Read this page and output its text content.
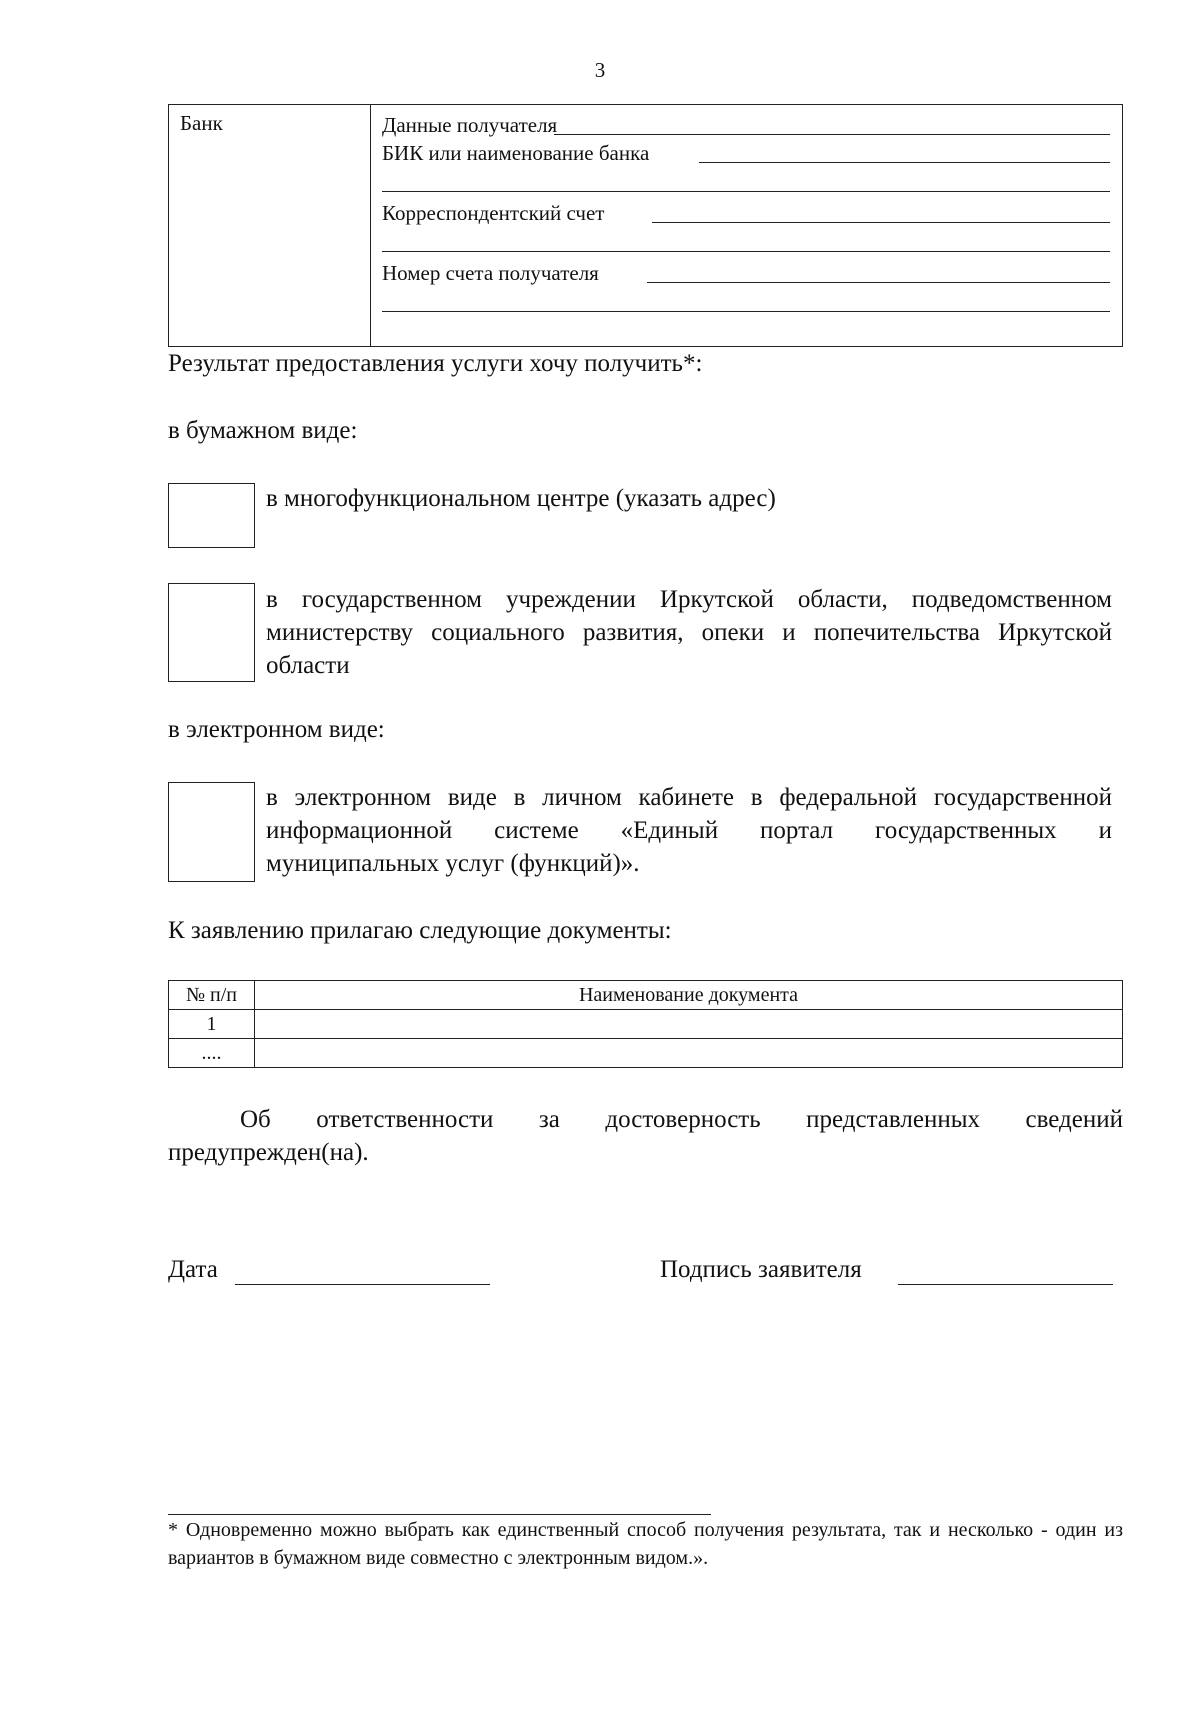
3
Банк	Данные получателя
БИК или наименование банка
Корреспондентский счет
Номер счета получателя
Результат предоставления услуги хочу получить*:
в бумажном виде:
в многофункциональном центре (указать адрес)
в государственном учреждении Иркутской области, подведомственном министерству социального развития, опеки и попечительства Иркутской области
в электронном виде:
в электронном виде в личном кабинете в федеральной государственной информационной системе «Единый портал государственных и муниципальных услуг (функций)».
К заявлению прилагаю следующие документы:
№ п/п	Наименование документа
1	
....	
Об ответственности за достоверность представленных сведений предупрежден(на).
Дата	Подпись заявителя
* Одновременно можно выбрать как единственный способ получения результата, так и несколько - один из вариантов в бумажном виде совместно с электронным видом.».
